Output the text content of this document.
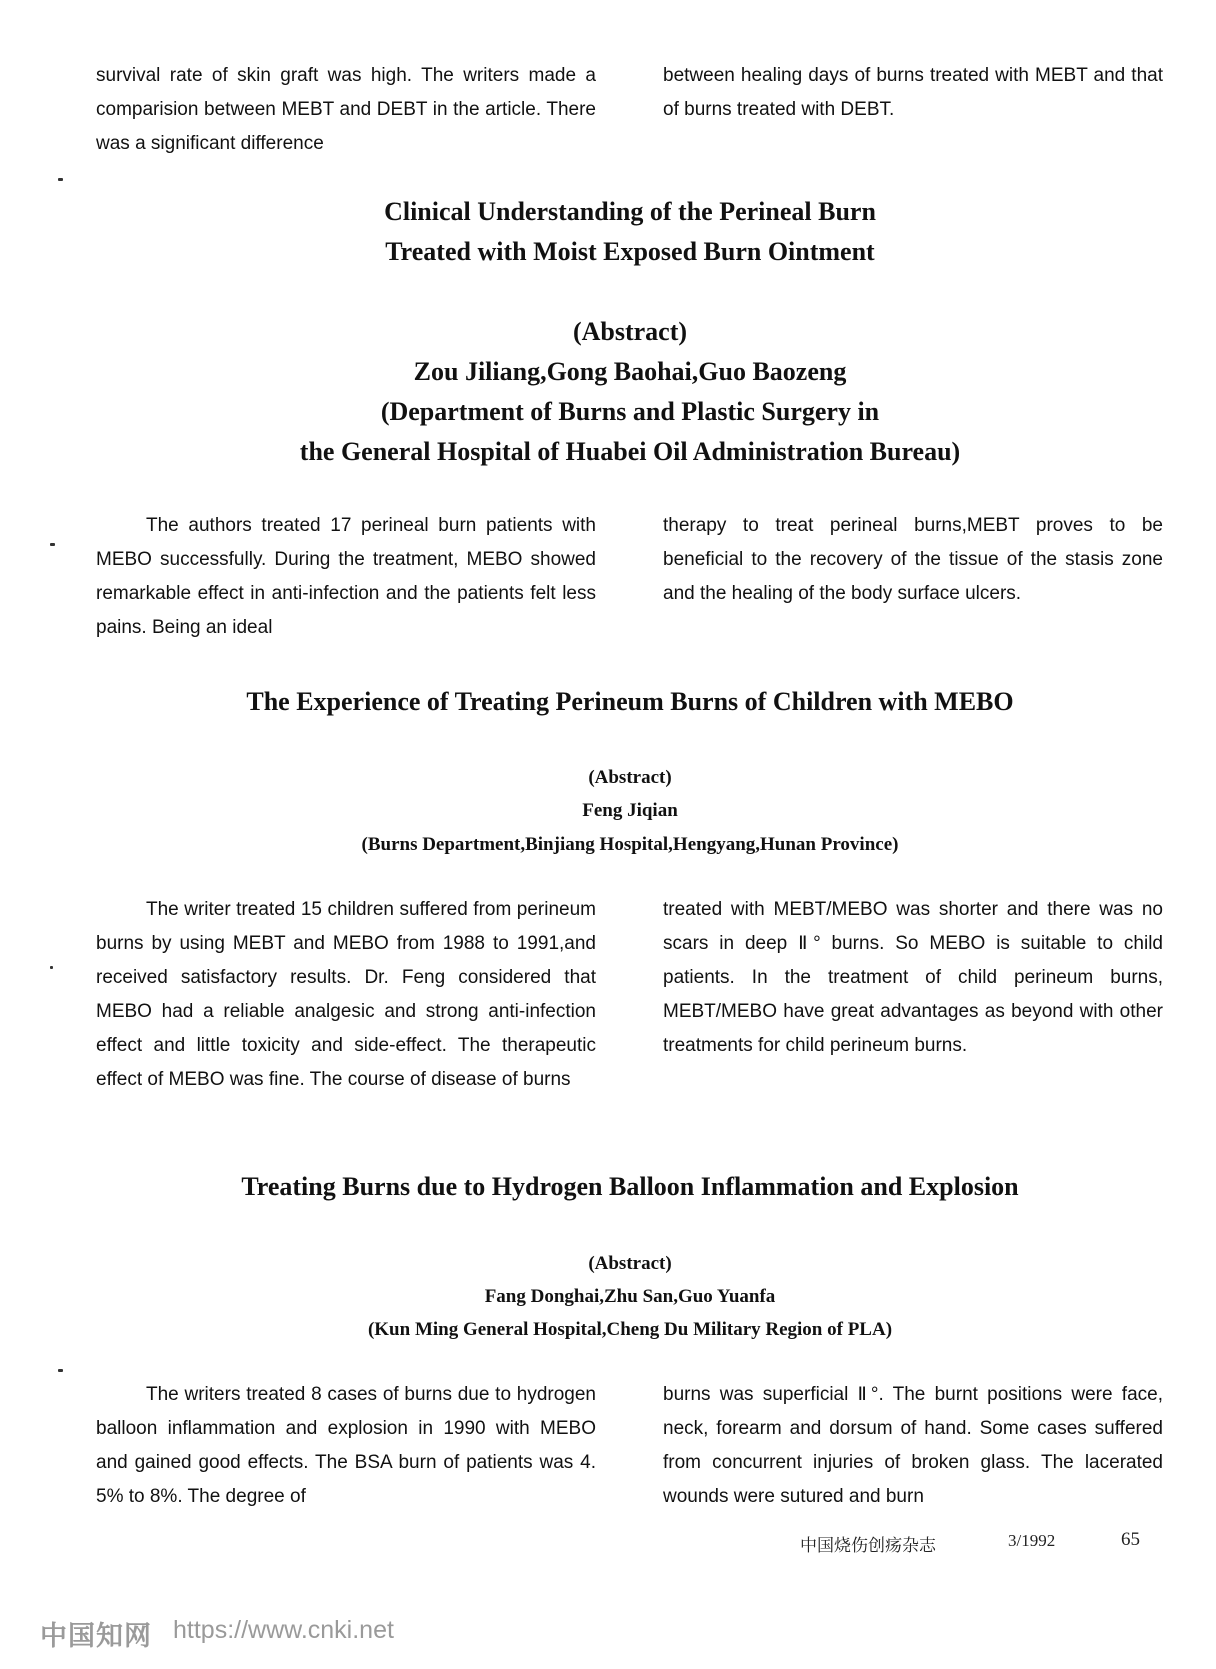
survival rate of skin graft was high. The writers made a comparision between MEBT and DEBT in the article. There was a significant difference
between healing days of burns treated with MEBT and that of burns treated with DEBT.
Clinical Understanding of the Perineal Burn
Treated with Moist Exposed Burn Ointment
(Abstract)
Zou Jiliang,Gong Baohai,Guo Baozeng
(Department of Burns and Plastic Surgery in
the General Hospital of Huabei Oil Administration Bureau)
The authors treated 17 perineal burn patients with MEBO successfully. During the treatment, MEBO showed remarkable effect in anti-infection and the patients felt less pains. Being an ideal
therapy to treat perineal burns,MEBT proves to be beneficial to the recovery of the tissue of the stasis zone and the healing of the body surface ulcers.
The Experience of Treating Perineum Burns of Children with MEBO
(Abstract)
Feng Jiqian
(Burns Department,Binjiang Hospital,Hengyang,Hunan Province)
The writer treated 15 children suffered from perineum burns by using MEBT and MEBO from 1988 to 1991,and received satisfactory results. Dr. Feng considered that MEBO had a reliable analgesic and strong anti-infection effect and little toxicity and side-effect. The therapeutic effect of MEBO was fine. The course of disease of burns
treated with MEBT/MEBO was shorter and there was no scars in deep Ⅱ° burns. So MEBO is suitable to child patients. In the treatment of child perineum burns, MEBT/MEBO have great advantages as beyond with other treatments for child perineum burns.
Treating Burns due to Hydrogen Balloon Inflammation and Explosion
(Abstract)
Fang Donghai,Zhu San,Guo Yuanfa
(Kun Ming General Hospital,Cheng Du Military Region of PLA)
The writers treated 8 cases of burns due to hydrogen balloon inflammation and explosion in 1990 with MEBO and gained good effects. The BSA burn of patients was 4. 5% to 8%. The degree of
burns was superficial Ⅱ°. The burnt positions were face, neck, forearm and dorsum of hand. Some cases suffered from concurrent injuries of broken glass. The lacerated wounds were sutured and burn
中国烧伤创疡杂志	3/1992	65
中国知网 https://www.cnki.net
